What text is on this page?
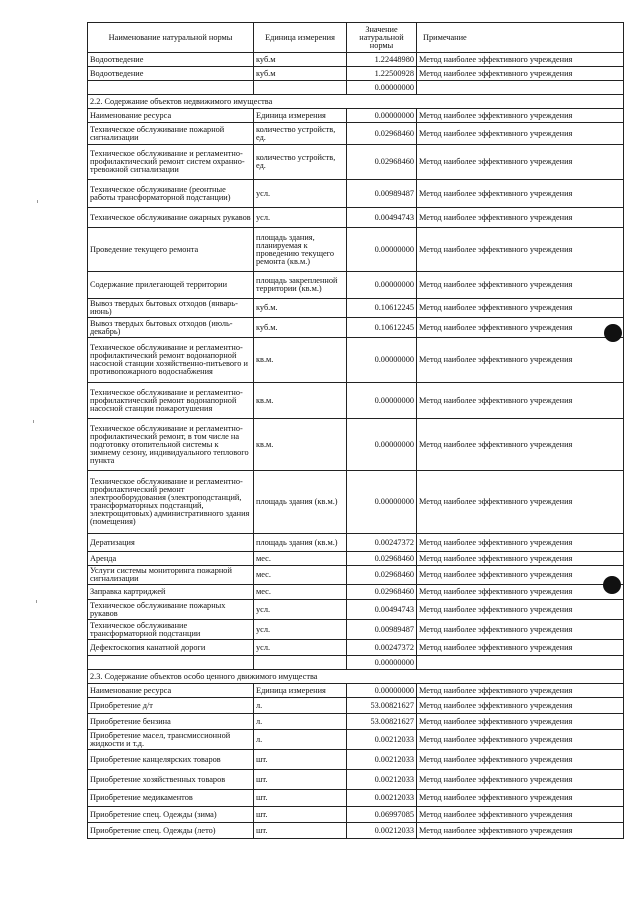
Наименование натуральной нормы	Единица измерения	Значение натуральной нормы	Примечание
Водоотведение	куб.м	1.22448980	Метод наиболее эффективного учреждения
Водоотведение	куб.м	1.22500928	Метод наиболее эффективного учреждения
		0.00000000	
2.2. Содержание объектов недвижимого имущества			
Наименование ресурса	Единица измерения	0.00000000	Метод наиболее эффективного учреждения
Техническое обслуживание пожарной сигнализации	количество устройств, ед.	0.02968460	Метод наиболее эффективного учреждения
Техническое обслуживание и регламентно-профилактический ремонт систем охранно-тревожной сигнализации	количество устройств, ед.	0.02968460	Метод наиболее эффективного учреждения
Техническое обслуживание (реонтные работы трансформаторной подстанции)	усл.	0.00989487	Метод наиболее эффективного учреждения
Техническое обслуживание ожарных рукавов	усл.	0.00494743	Метод наиболее эффективного учреждения
Проведение текущего ремонта	площадь здания, планируемая к проведению текущего ремонта (кв.м.)	0.00000000	Метод наиболее эффективного учреждения
Содержание прилегающей территории	площадь закрепленной территории (кв.м.)	0.00000000	Метод наиболее эффективного учреждения
Вывоз твердых бытовых отходов (январь-июнь)	куб.м.	0.10612245	Метод наиболее эффективного учреждения
Вывоз твердых бытовых отходов (июль-декабрь)	куб.м.	0.10612245	Метод наиболее эффективного учреждения
Техническое обслуживание и регламентно-профилактический ремонт водонапорной насосной станции хозяйственно-питьевого и противопожарного водоснабжения	кв.м.	0.00000000	Метод наиболее эффективного учреждения
Техническое обслуживание и регламентно-профилактический ремонт водонапорной насосной станции пожаротушения	кв.м.	0.00000000	Метод наиболее эффективного учреждения
Техническое обслуживание и регламентно-профилактический ремонт, в том числе на подготовку отопительной системы к зимнему сезону, индивидуального теплового пункта	кв.м.	0.00000000	Метод наиболее эффективного учреждения
Техническое обслуживание и регламентно-профилактический ремонт электрооборудования (электроподстанций, трансформаторных подстанций, электрощитовых) административного здания (помещения)	площадь здания (кв.м.)	0.00000000	Метод наиболее эффективного учреждения
Дератизация	площадь здания (кв.м.)	0.00247372	Метод наиболее эффективного учреждения
Аренда	мес.	0.02968460	Метод наиболее эффективного учреждения
Услуги системы мониторинга пожарной сигнализации	мес.	0.02968460	Метод наиболее эффективного учреждения
Заправка картриджей	мес.	0.02968460	Метод наиболее эффективного учреждения
Техническое обслуживание пожарных рукавов	усл.	0.00494743	Метод наиболее эффективного учреждения
Техническое обслуживание трансформаторной подстанции	усл.	0.00989487	Метод наиболее эффективного учреждения
Дефектоскопия канатной дороги	усл.	0.00247372	Метод наиболее эффективного учреждения
		0.00000000	
2.3. Содержание объектов особо ценного движимого имущества			
Наименование ресурса	Единица измерения	0.00000000	Метод наиболее эффективного учреждения
Приобретение д/т	л.	53.00821627	Метод наиболее эффективного учреждения
Приобретение бензина	л.	53.00821627	Метод наиболее эффективного учреждения
Приобретение масел, трансмиссионной жидкости и т.д.	л.	0.00212033	Метод наиболее эффективного учреждения
Приобретение канцелярских товаров	шт.	0.00212033	Метод наиболее эффективного учреждения
Приобретение хозяйственных товаров	шт.	0.00212033	Метод наиболее эффективного учреждения
Приобретение медикаментов	шт.	0.00212033	Метод наиболее эффективного учреждения
Приобретение спец. Одежды (зима)	шт.	0.06997085	Метод наиболее эффективного учреждения
Приобретение спец. Одежды (лето)	шт.	0.00212033	Метод наиболее эффективного учреждения
